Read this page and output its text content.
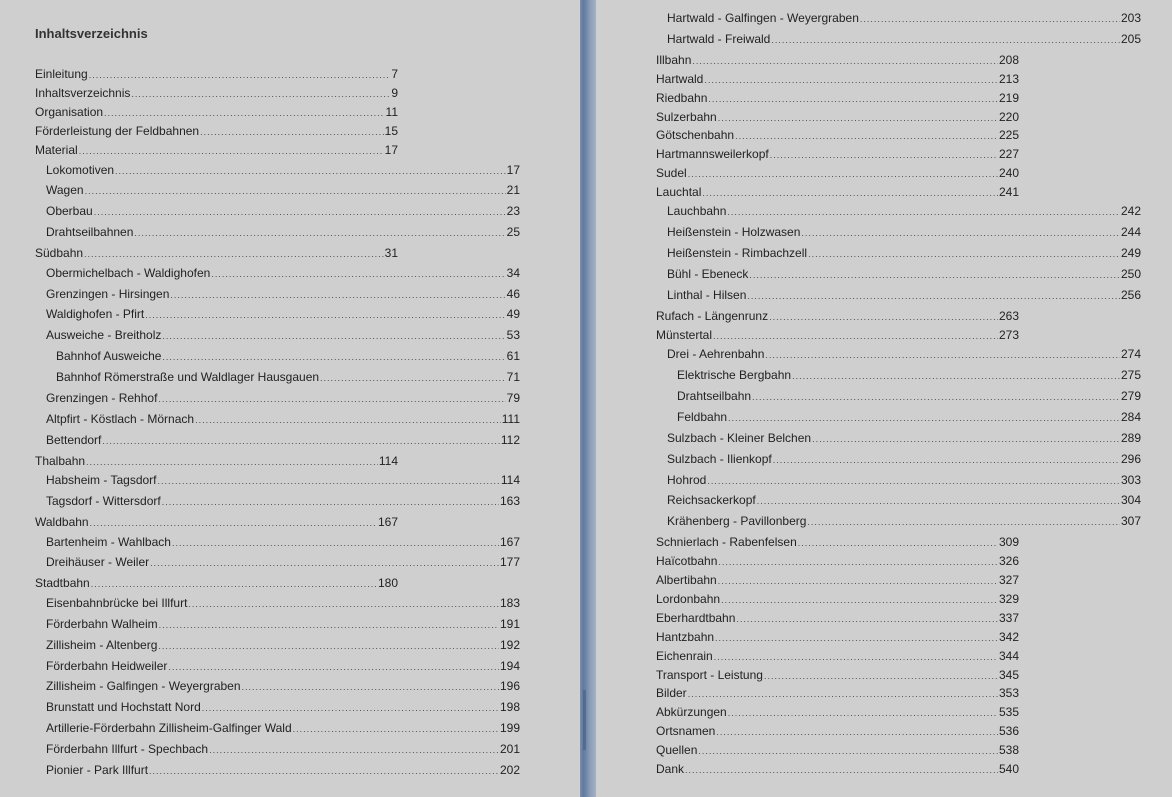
Inhaltsverzeichnis
Einleitung .....	7
Inhaltsverzeichnis .....	9
Organisation .....	11
Förderleistung der Feldbahnen .....	15
Material .....	17
Lokomotiven .....	17
Wagen .....	21
Oberbau .....	23
Drahtseilbahnen .....	25
Südbahn .....	31
Obermichelbach - Waldighofen .....	34
Grenzingen - Hirsingen .....	46
Waldighofen - Pfirt .....	49
Ausweiche - Breitholz .....	53
Bahnhof Ausweiche .....	61
Bahnhof Römerstraße und Waldlager Hausgauen .....	71
Grenzingen - Rehhof .....	79
Altpfirt - Köstlach - Mörnach .....	111
Bettendorf .....	112
Thalbahn .....	114
Habsheim - Tagsdorf .....	114
Tagsdorf - Wittersdorf .....	163
Waldbahn .....	167
Bartenheim - Wahlbach .....	167
Dreihäuser - Weiler .....	177
Stadtbahn .....	180
Eisenbahnbrücke bei Illfurt .....	183
Förderbahn Walheim .....	191
Zillisheim - Altenberg .....	192
Förderbahn Heidweiler .....	194
Zillisheim - Galfingen - Weyergraben .....	196
Brunstatt und Hochstatt Nord .....	198
Artillerie-Förderbahn Zillisheim-Galfinger Wald .....	199
Förderbahn Illfurt - Spechbach .....	201
Pionier - Park Illfurt .....	202
Hartwald - Galfingen - Weyergraben .....	203
Hartwald - Freiwald .....	205
Illbahn .....	208
Hartwald .....	213
Riedbahn .....	219
Sulzerbahn .....	220
Götschenbahn .....	225
Hartmannsweilerkopf .....	227
Sudel .....	240
Lauchtal .....	241
Lauchbahn .....	242
Heißenstein - Holzwasen .....	244
Heißenstein - Rimbachzell .....	249
Bühl - Ebeneck .....	250
Linthal - Hilsen .....	256
Rufach - Längenrunz .....	263
Münstertal .....	273
Drei - Aehrenbahn .....	274
Elektrische Bergbahn .....	275
Drahtseilbahn .....	279
Feldbahn .....	284
Sulzbach - Kleiner Belchen .....	289
Sulzbach - Ilienkopf .....	296
Hohrod .....	303
Reichsackerkopf .....	304
Krähenberg - Pavillonberg .....	307
Schnierlach - Rabenfelsen .....	309
Haïcotbahn .....	326
Albertibahn .....	327
Lordonbahn .....	329
Eberhardtbahn .....	337
Hantzbahn .....	342
Eichenrain .....	344
Transport - Leistung .....	345
Bilder .....	353
Abkürzungen .....	535
Ortsnamen .....	536
Quellen .....	538
Dank .....	540
